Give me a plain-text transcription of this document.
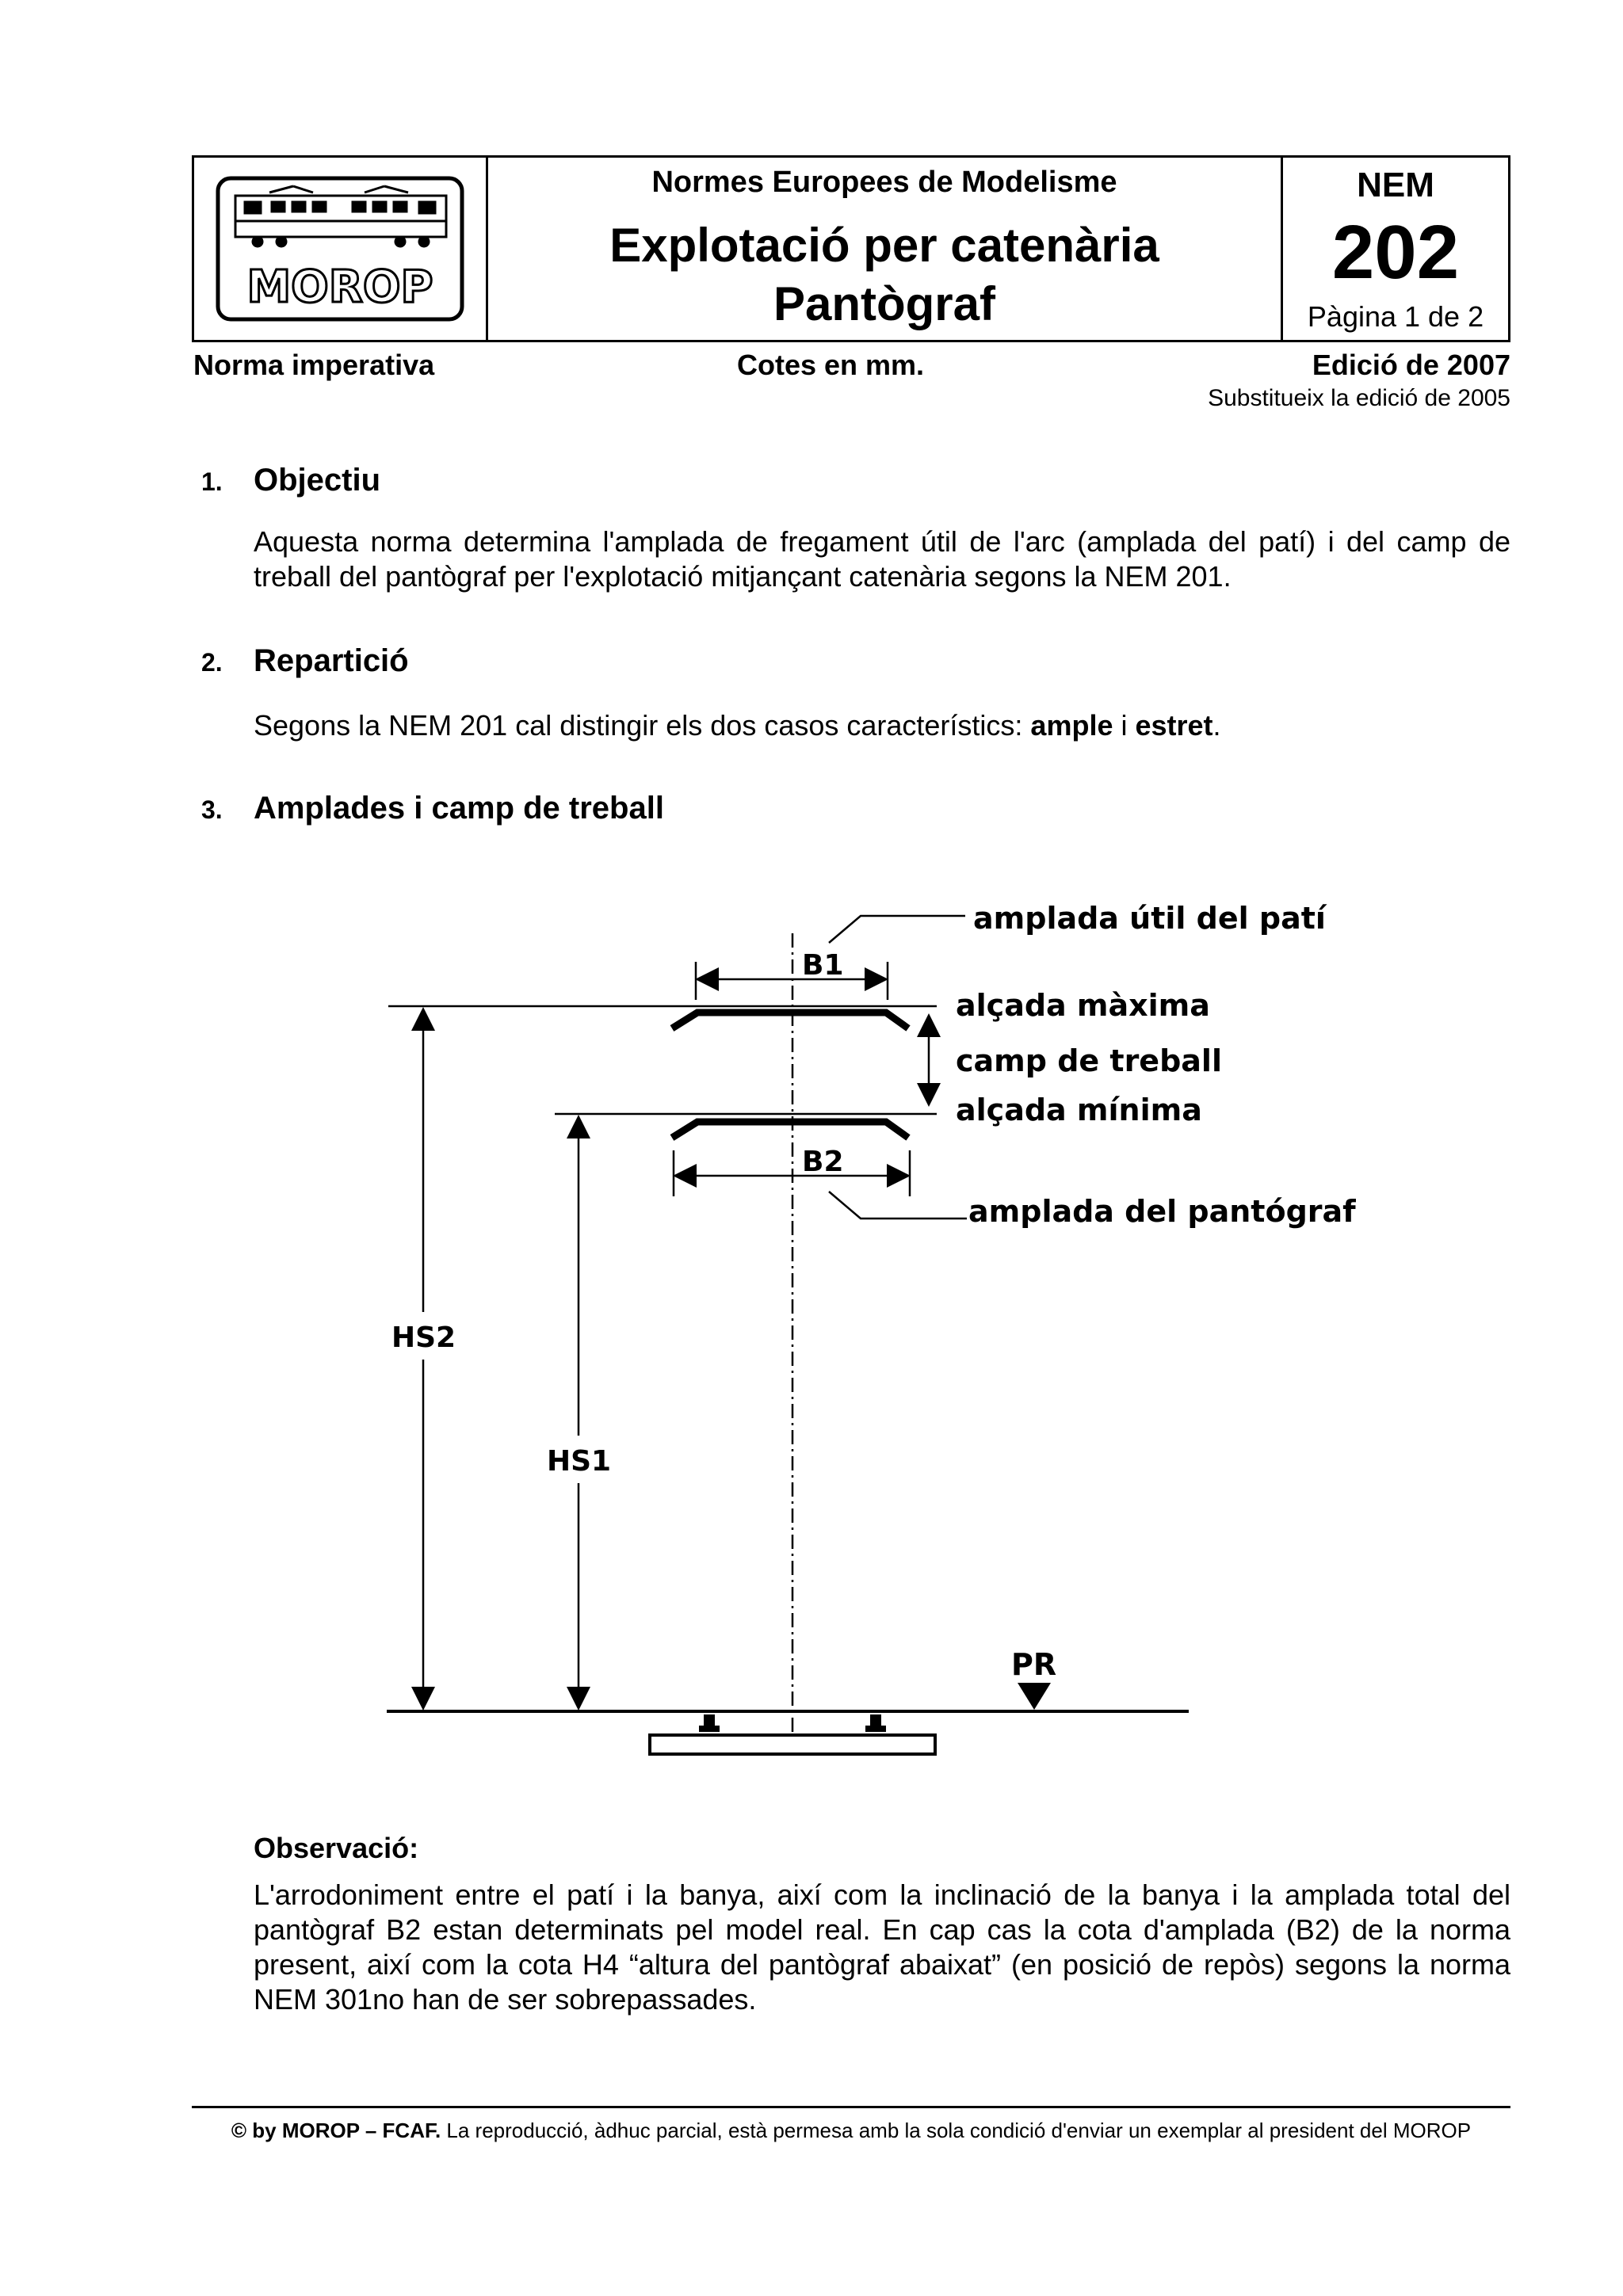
MOROP
Normes Europees de Modelisme
Explotació per catenària
Pantògraf
NEM
202
Pàgina 1 de 2
Norma imperativa	Cotes en mm.	Edició de 2007
Substitueix la edició de 2005
1. Objectiu
Aquesta norma determina l'amplada de fregament útil de l'arc (amplada del patí) i del camp de treball del pantògraf per l'explotació mitjançant catenària segons la NEM 201.
2. Repartició
Segons la NEM 201 cal distingir els dos casos característics: ample i estret.
3. Amplades i camp de treball
B1
B2
amplada útil del patí
alçada màxima
camp de treball
alçada mínima
amplada del pantógraf
HS2
HS1
PR
Observació:
L'arrodoniment entre el patí i la banya, així com la inclinació de la banya i la amplada total del pantògraf B2 estan determinats pel model real. En cap cas la cota d'amplada (B2) de la norma present, així com la cota H4 “altura del pantògraf abaixat” (en posició de repòs) segons la norma NEM 301no han de ser sobrepassades.
© by MOROP – FCAF. La reproducció, àdhuc parcial, està permesa amb la sola condició d'enviar un exemplar al president del MOROP
